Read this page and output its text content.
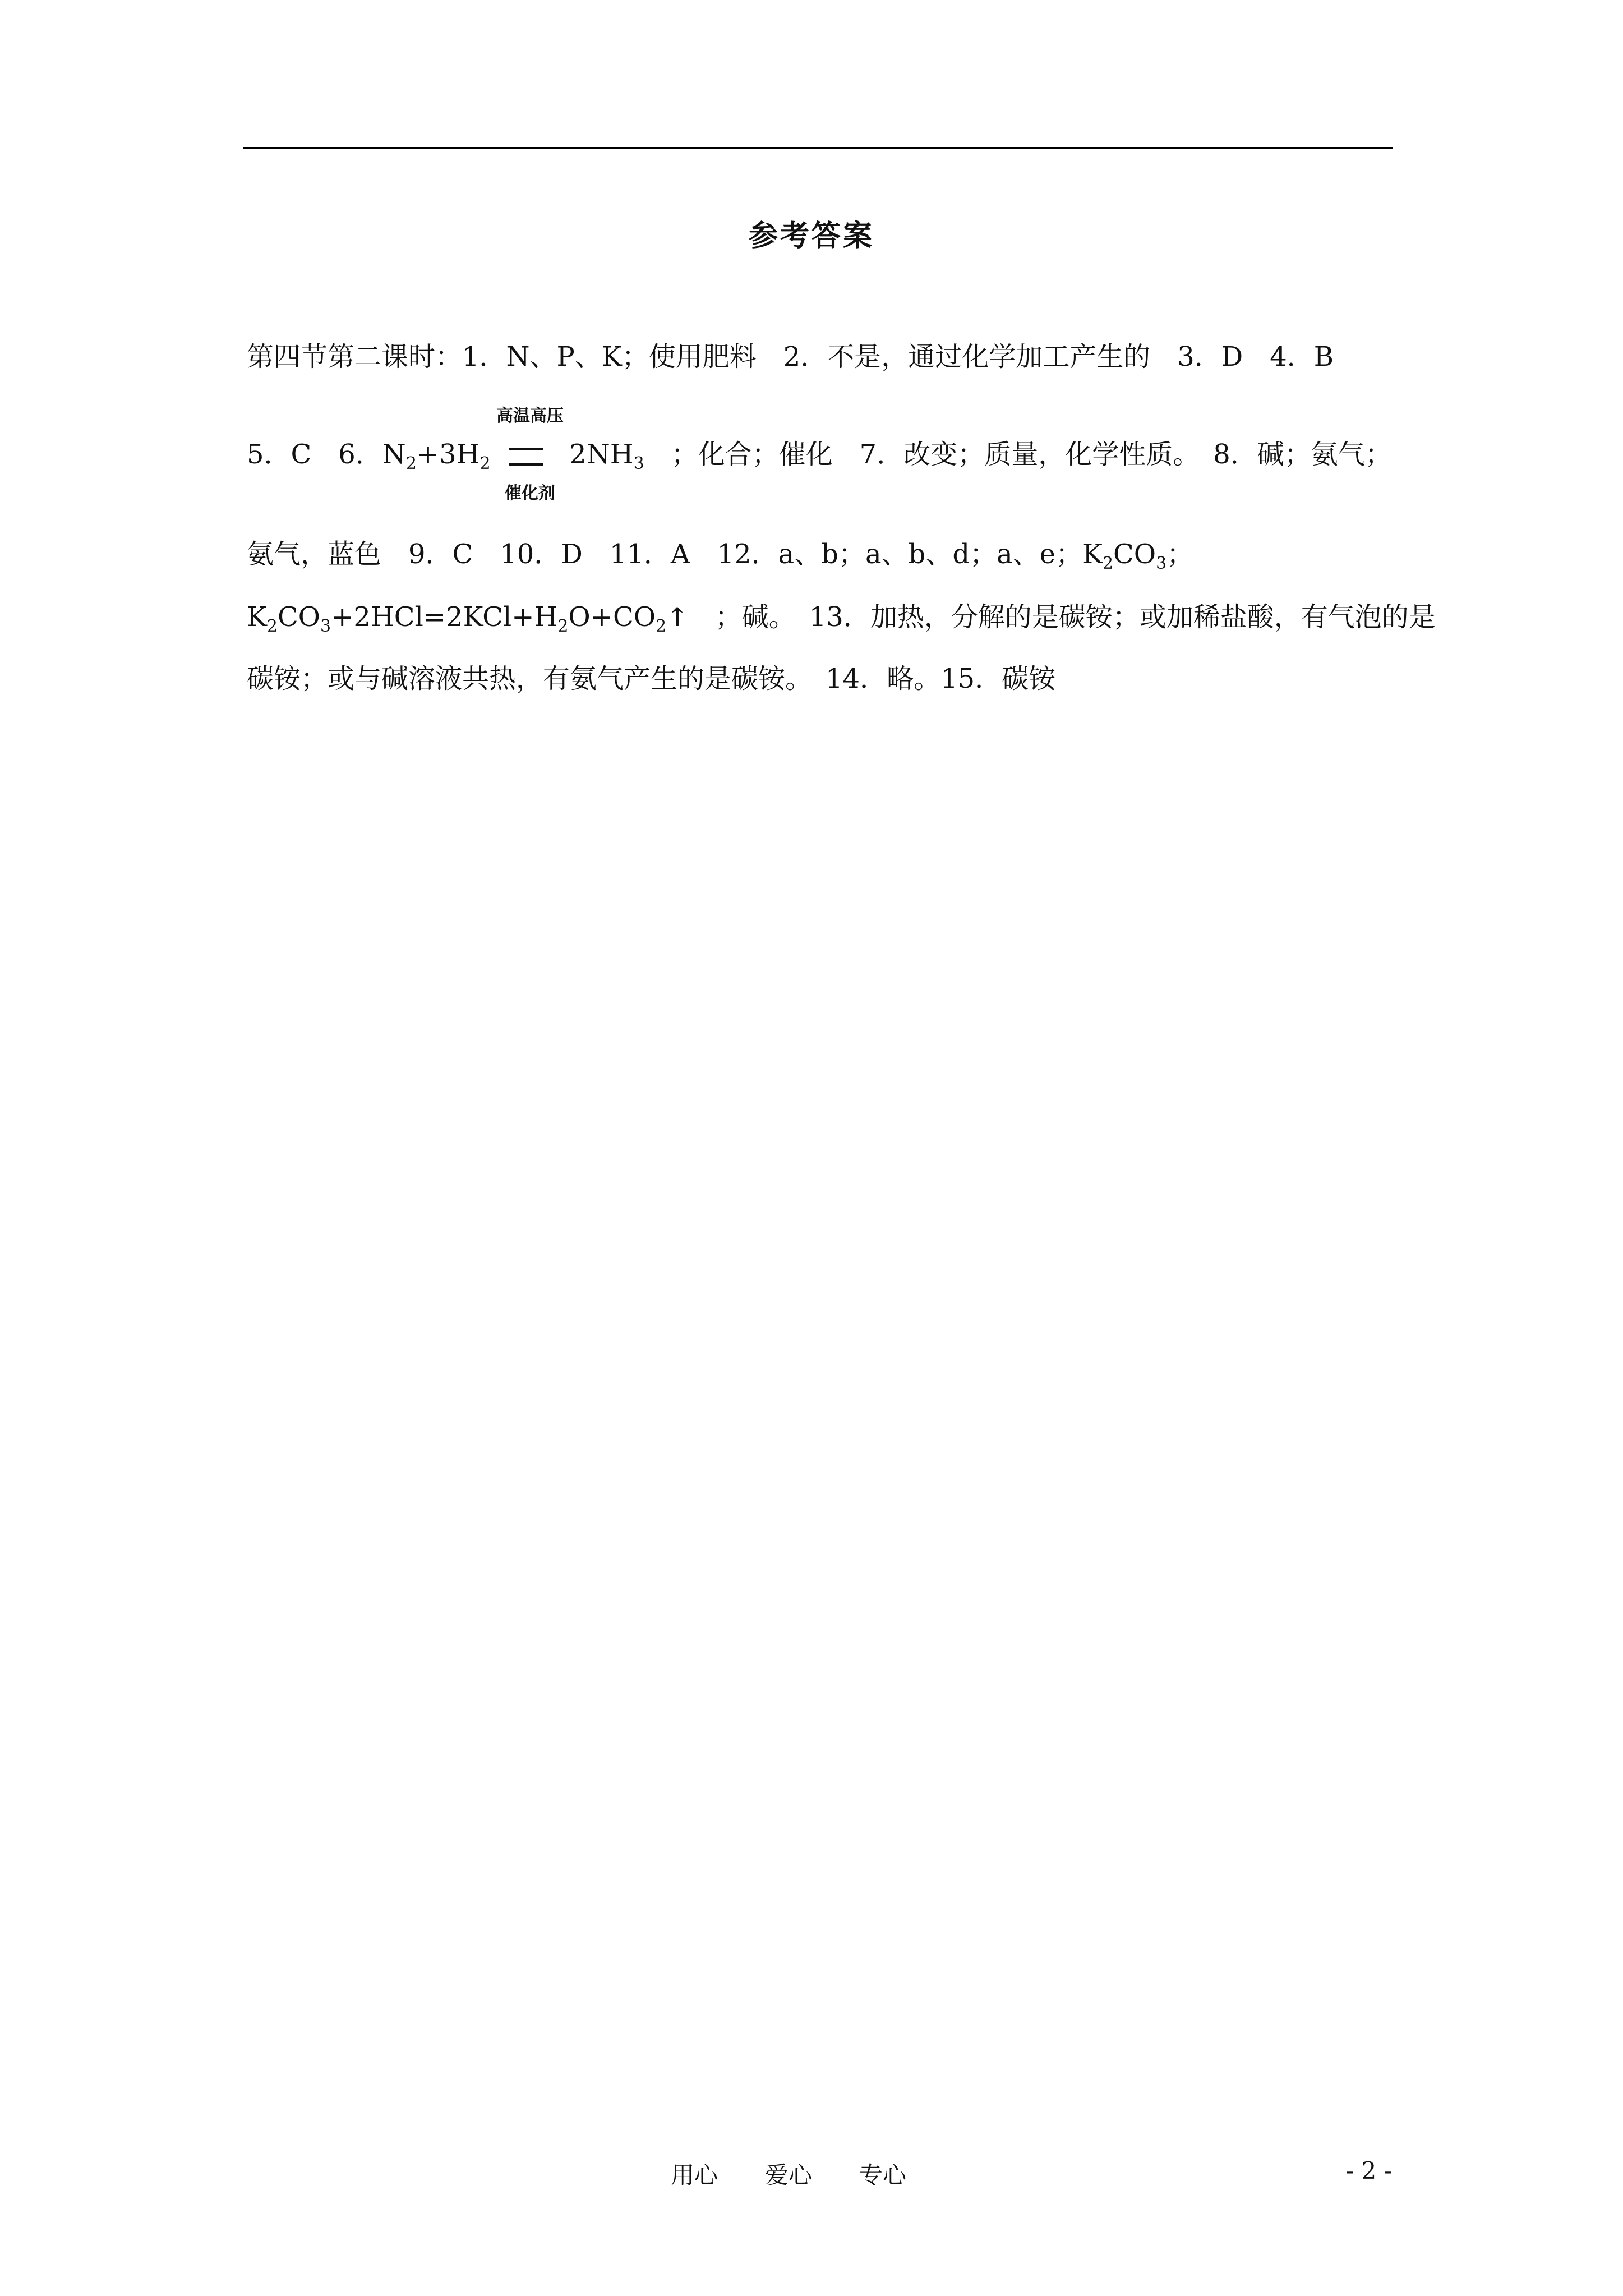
参考答案
第四节第二课时：1．N、P、K；使用肥料　2．不是，通过化学加工产生的　3．D　4．B
5．C　6．$N_2+3H_2$

高温高压

催化剂

$2NH_3$　；化合；催化　7．改变；质量，化学性质。　8．碱；氨气；
氨气，蓝色　9．C　10．D　11．A　12．a、b；a、b、d；a、e；$K_2CO_3$；
$K_2CO_3+2HCl=2KCl+H_2O+CO_2↑$　；碱。　13．加热，分解的是碳铵；或加稀盐酸，有气泡的是
碳铵；或与碱溶液共热，有氨气产生的是碳铵。　14．略。15．碳铵
用心　　爱心　　专心	- 2 -
